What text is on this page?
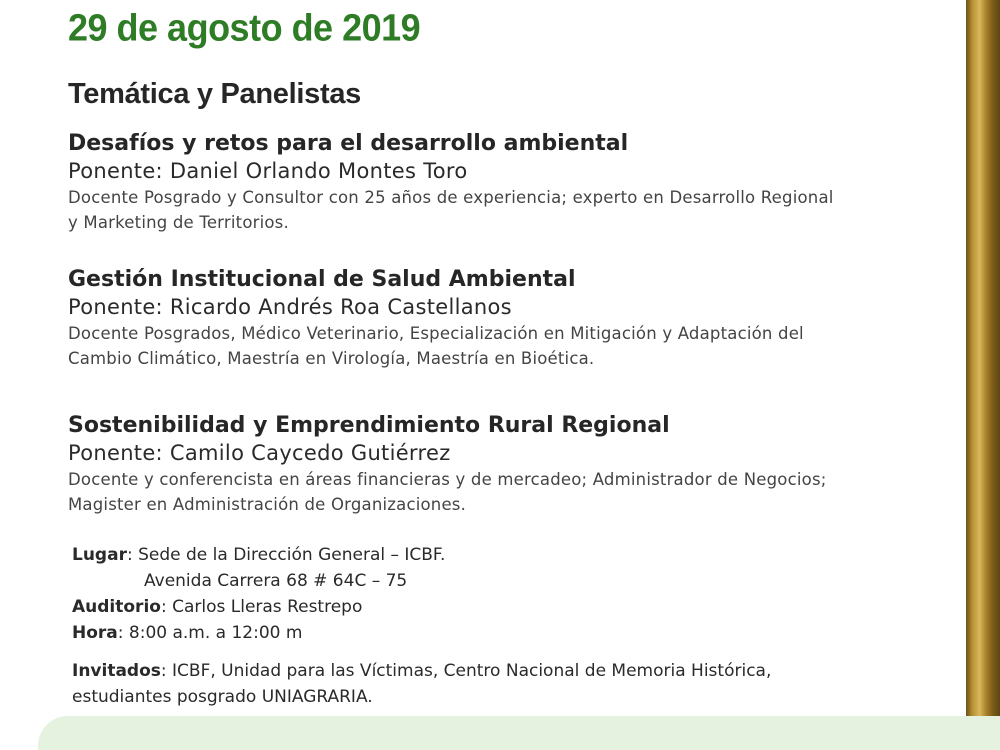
29 de agosto de 2019
Temática y Panelistas
Desafíos y retos para el desarrollo ambiental
Ponente: Daniel Orlando Montes Toro
Docente Posgrado y Consultor con 25 años de experiencia; experto en Desarrollo Regional
y Marketing de Territorios.
Gestión Institucional de Salud Ambiental
Ponente: Ricardo Andrés Roa Castellanos
Docente Posgrados, Médico Veterinario, Especialización en Mitigación y Adaptación del
Cambio Climático, Maestría en Virología, Maestría en Bioética.
Sostenibilidad y Emprendimiento Rural Regional
Ponente: Camilo Caycedo Gutiérrez
Docente y conferencista en áreas financieras y de mercadeo; Administrador de Negocios;
Magister en Administración de Organizaciones.
Lugar: Sede de la Dirección General – ICBF.
Avenida Carrera 68 # 64C – 75
Auditorio: Carlos Lleras Restrepo
Hora: 8:00 a.m. a 12:00 m
Invitados: ICBF, Unidad para las Víctimas, Centro Nacional de Memoria Histórica,
estudiantes posgrado UNIAGRARIA.
